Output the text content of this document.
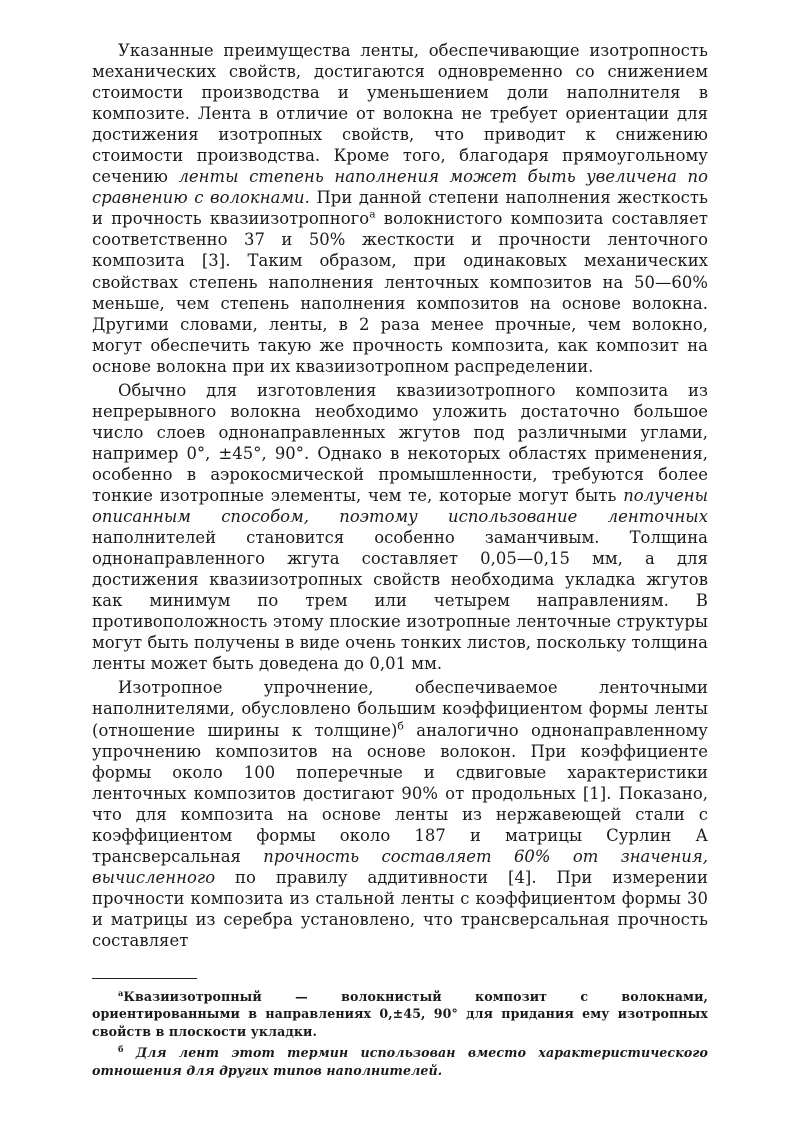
Указанные преимущества ленты, обеспечивающие изотропность механических свойств, достигаются одновременно со снижением стоимости производства и уменьшением доли наполнителя в композите. Лента в отличие от волокна не требует ориентации для достижения изотропных свойств, что приводит к снижению стоимости производства. Кроме того, благодаря прямоугольному сечению ленты степень наполнения может быть увеличена по сравнению с волокнами. При данной степени наполнения жесткость и прочность квазиизотропного$^a$ волокнистого композита составляет соответственно 37 и 50% жесткости и прочности ленточного композита [3]. Таким образом, при одинаковых механических свойствах степень наполнения ленточных композитов на 50—60% меньше, чем степень наполнения композитов на основе волокна. Другими словами, ленты, в 2 раза менее прочные, чем волокно, могут обеспечить такую же прочность композита, как композит на основе волокна при их квазиизотропном распределении.

Обычно для изготовления квазиизотропного композита из непрерывного волокна необходимо уложить достаточно большое число слоев однонаправленных жгутов под различными углами, например 0°, ±45°, 90°. Однако в некоторых областях применения, особенно в аэрокосмической промышленности, требуются более тонкие изотропные элементы, чем те, которые могут быть получены описанным способом, поэтому использование ленточных наполнителей становится особенно заманчивым. Толщина однонаправленного жгута составляет 0,05—0,15 мм, а для достижения квазиизотропных свойств необходима укладка жгутов как минимум по трем или четырем направлениям. В противоположность этому плоские изотропные ленточные структуры могут быть получены в виде очень тонких листов, поскольку толщина ленты может быть доведена до 0,01 мм.

Изотропное упрочнение, обеспечиваемое ленточными наполнителями, обусловлено большим коэффициентом формы ленты (отношение ширины к толщине)$^б$ аналогично однонаправленному упрочнению композитов на основе волокон. При коэффициенте формы около 100 поперечные и сдвиговые характеристики ленточных композитов достигают 90% от продольных [1]. Показано, что для композита на основе ленты из нержавеющей стали с коэффициентом формы около 187 и матрицы Сурлин А трансверсальная прочность составляет 60% от значения, вычисленного по правилу аддитивности [4]. При измерении прочности композита из стальной ленты с коэффициентом формы 30 и матрицы из серебра установлено, что трансверсальная прочность составляет

$^a$Квазиизотропный — волокнистый композит с волокнами, ориентированными в направлениях 0,±45, 90° для придания ему изотропных свойств в плоскости укладки.

$^б$ Для лент этот термин использован вместо характеристического отношения для других типов наполнителей.
